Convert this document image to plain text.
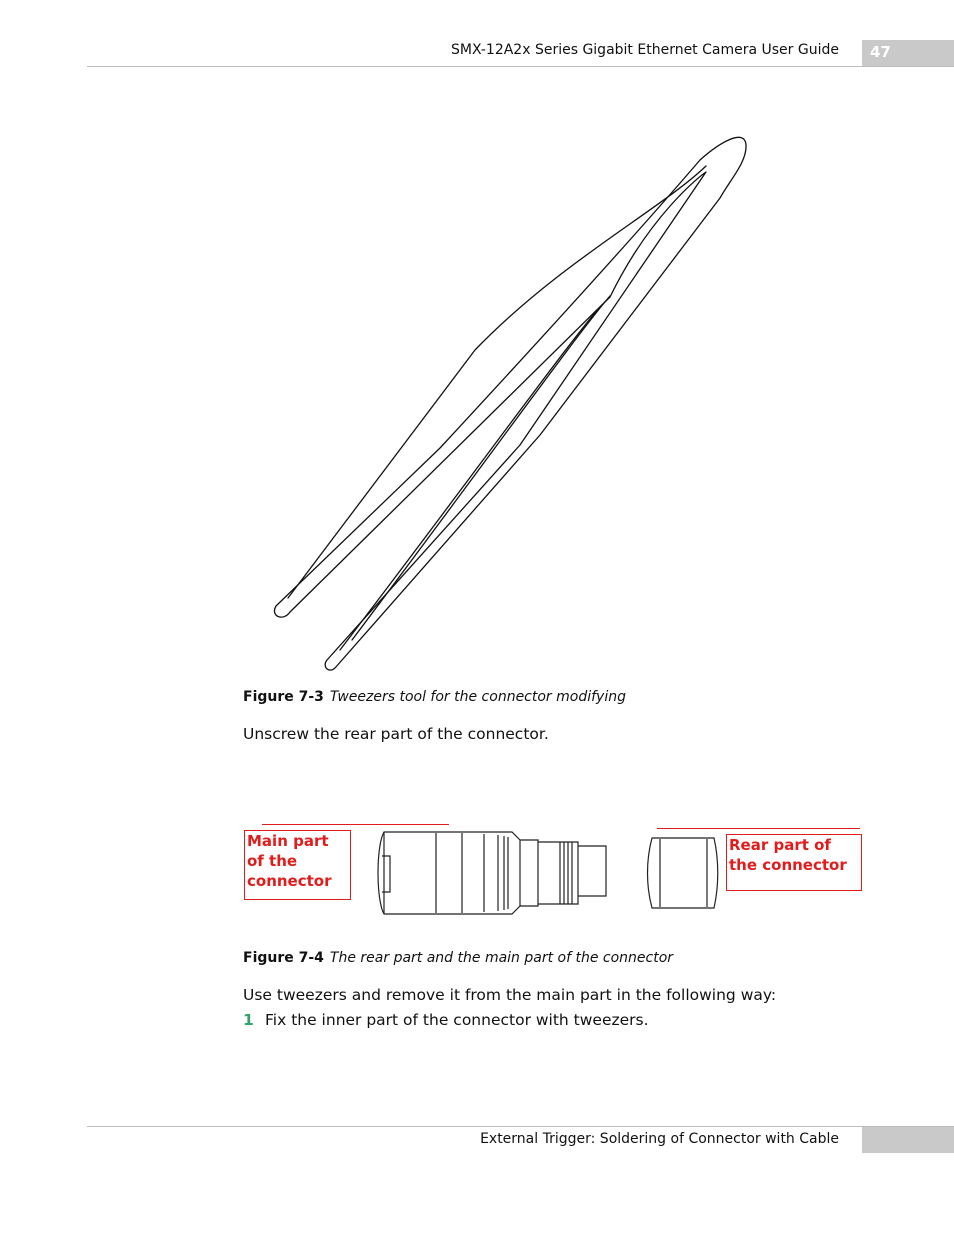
SMX-12A2x Series Gigabit Ethernet Camera User Guide 47
Figure 7-3 Tweezers tool for the connector modifying
Unscrew the rear part of the connector.
Main part of the connector
Rear part of the connector
Figure 7-4 The rear part and the main part of the connector
Use tweezers and remove it from the main part in the following way:
1 Fix the inner part of the connector with tweezers.
External Trigger: Soldering of Connector with Cable
